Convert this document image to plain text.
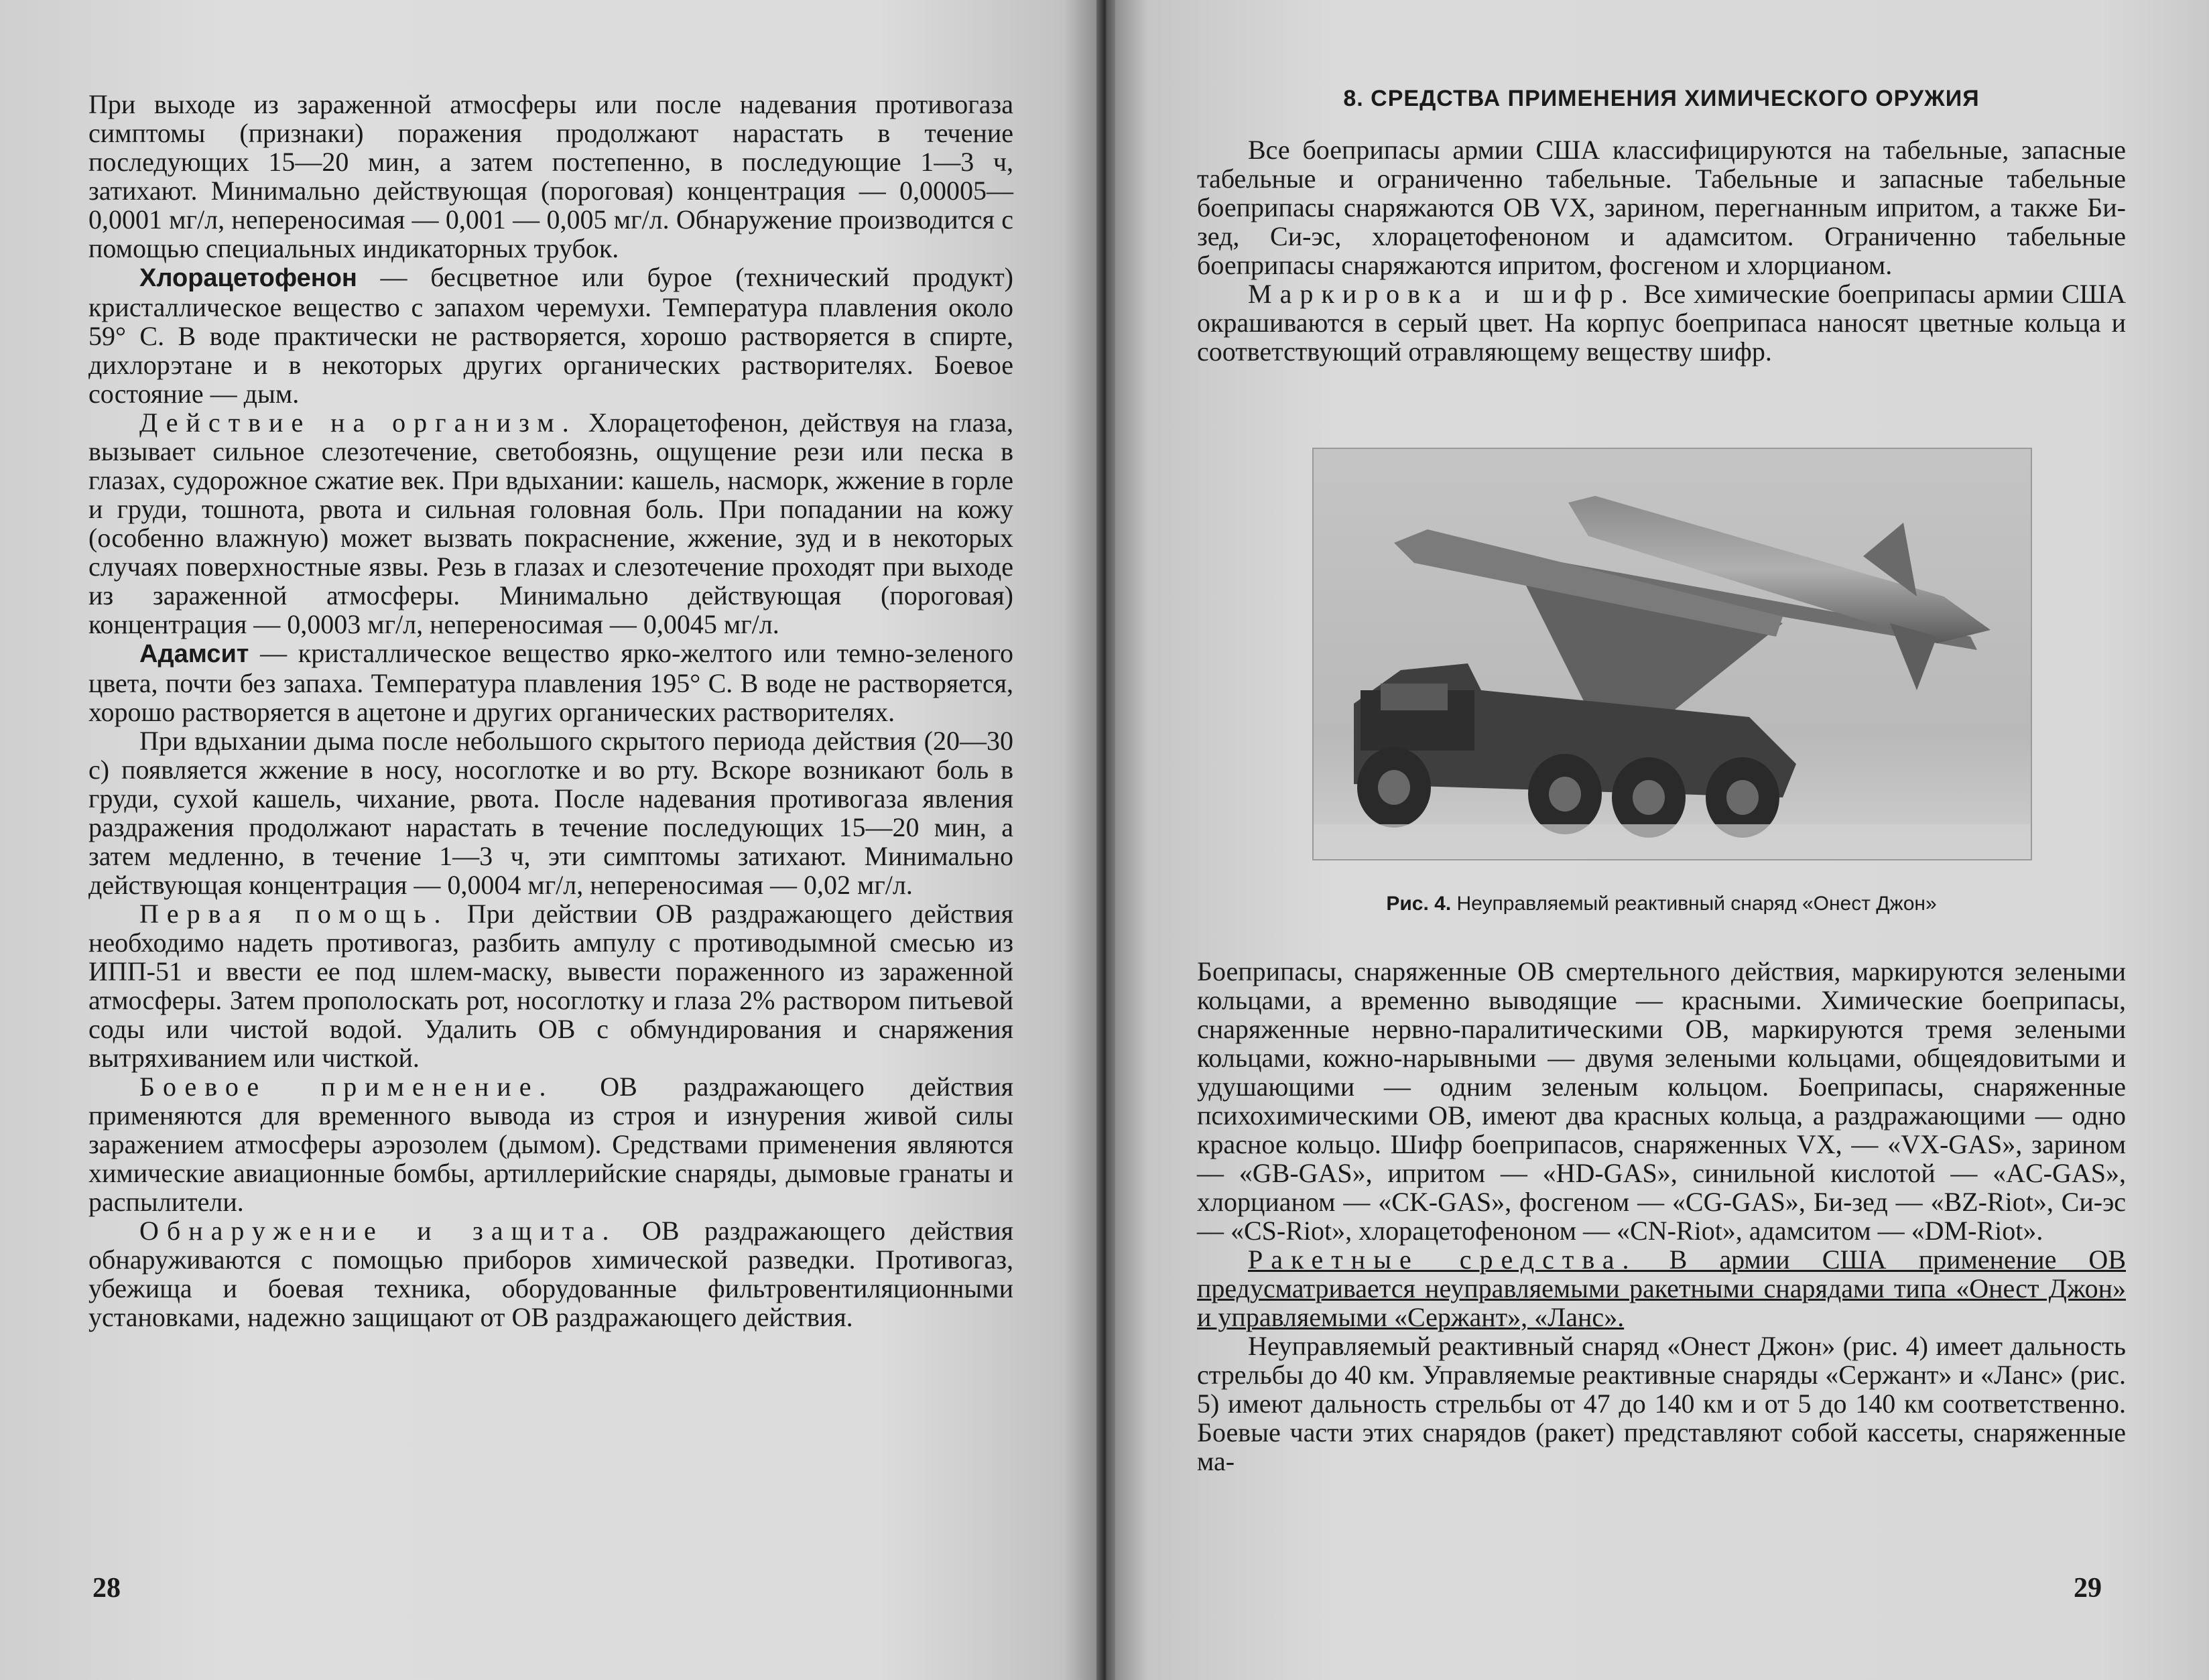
При выходе из зараженной атмосферы или после надевания противогаза симптомы (признаки) поражения продолжают нарастать в течение последующих 15—20 мин, а затем постепенно, в последующие 1—3 ч, затихают. Минимально действующая (пороговая) концентрация — 0,00005—0,0001 мг/л, непереносимая — 0,001 — 0,005 мг/л. Обнаружение производится с помощью специальных индикаторных трубок.

Хлорацетофенон — бесцветное или бурое (технический продукт) кристаллическое вещество с запахом черемухи. Температура плавления около 59° С. В воде практически не растворяется, хорошо растворяется в спирте, дихлорэтане и в некоторых других органических растворителях. Боевое состояние — дым.

Действие на организм. Хлорацетофенон, действуя на глаза, вызывает сильное слезотечение, светобоязнь, ощущение рези или песка в глазах, судорожное сжатие век. При вдыхании: кашель, насморк, жжение в горле и груди, тошнота, рвота и сильная головная боль. При попадании на кожу (особенно влажную) может вызвать покраснение, жжение, зуд и в некоторых случаях поверхностные язвы. Резь в глазах и слезотечение проходят при выходе из зараженной атмосферы. Минимально действующая (пороговая) концентрация — 0,0003 мг/л, непереносимая — 0,0045 мг/л.

Адамсит — кристаллическое вещество ярко-желтого или темно-зеленого цвета, почти без запаха. Температура плавления 195° С. В воде не растворяется, хорошо растворяется в ацетоне и других органических растворителях.

При вдыхании дыма после небольшого скрытого периода действия (20—30 с) появляется жжение в носу, носоглотке и во рту. Вскоре возникают боль в груди, сухой кашель, чихание, рвота. После надевания противогаза явления раздражения продолжают нарастать в течение последующих 15—20 мин, а затем медленно, в течение 1—3 ч, эти симптомы затихают. Минимально действующая концентрация — 0,0004 мг/л, непереносимая — 0,02 мг/л.

Первая помощь. При действии ОВ раздражающего действия необходимо надеть противогаз, разбить ампулу с противодымной смесью из ИПП-51 и ввести ее под шлем-маску, вывести пораженного из зараженной атмосферы. Затем прополоскать рот, носоглотку и глаза 2% раствором питьевой соды или чистой водой. Удалить ОВ с обмундирования и снаряжения вытряхиванием или чисткой.

Боевое применение. ОВ раздражающего действия применяются для временного вывода из строя и изнурения живой силы заражением атмосферы аэрозолем (дымом). Средствами применения являются химические авиационные бомбы, артиллерийские снаряды, дымовые гранаты и распылители.

Обнаружение и защита. ОВ раздражающего действия обнаруживаются с помощью приборов химической разведки. Противогаз, убежища и боевая техника, оборудованные фильтровентиляционными установками, надежно защищают от ОВ раздражающего действия.

28
8. СРЕДСТВА ПРИМЕНЕНИЯ ХИМИЧЕСКОГО ОРУЖИЯ

Все боеприпасы армии США классифицируются на табельные, запасные табельные и ограниченно табельные. Табельные и запасные табельные боеприпасы снаряжаются ОВ VX, зарином, перегнанным ипритом, а также Би-зед, Си-эс, хлорацетофеноном и адамситом. Ограниченно табельные боеприпасы снаряжаются ипритом, фосгеном и хлорцианом.

Маркировка и шифр. Все химические боеприпасы армии США окрашиваются в серый цвет. На корпус боеприпаса наносят цветные кольца и соответствующий отравляющему веществу шифр.

Рис. 4. Неуправляемый реактивный снаряд «Онест Джон»

Боеприпасы, снаряженные ОВ смертельного действия, маркируются зелеными кольцами, а временно выводящие — красными. Химические боеприпасы, снаряженные нервно-паралитическими ОВ, маркируются тремя зелеными кольцами, кожно-нарывными — двумя зелеными кольцами, общеядовитыми и удушающими — одним зеленым кольцом. Боеприпасы, снаряженные психохимическими ОВ, имеют два красных кольца, а раздражающими — одно красное кольцо. Шифр боеприпасов, снаряженных VX, — «VX-GAS», зарином — «GB-GAS», ипритом — «HD-GAS», синильной кислотой — «AC-GAS», хлорцианом — «CK-GAS», фосгеном — «CG-GAS», Би-зед — «BZ-Riot», Си-эс — «CS-Riot», хлорацетофеноном — «CN-Riot», адамситом — «DM-Riot».

Ракетные средства. В армии США применение ОВ предусматривается неуправляемыми ракетными снарядами типа «Онест Джон» и управляемыми «Сержант», «Ланс».

Неуправляемый реактивный снаряд «Онест Джон» (рис. 4) имеет дальность стрельбы до 40 км. Управляемые реактивные снаряды «Сержант» и «Ланс» (рис. 5) имеют дальность стрельбы от 47 до 140 км и от 5 до 140 км соответственно. Боевые части этих снарядов (ракет) представляют собой кассеты, снаряженные ма-

29
